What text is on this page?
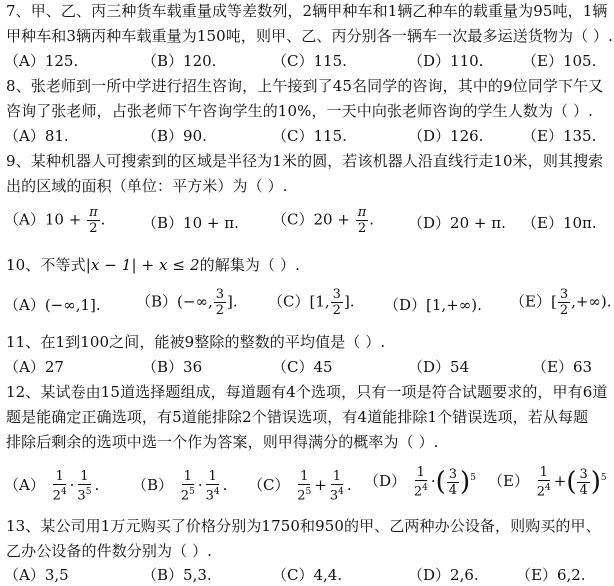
7、甲、乙、丙三种货车载重量成等差数列，2辆甲种车和1辆乙种车的载重量为95吨，1辆
甲种车和3辆丙种车载重量为150吨，则甲、乙、丙分别各一辆车一次最多运送货物为（ ）.
（A）125.	（B）120.	（C）115.	（D）110.	（E）105.
8、张老师到一所中学进行招生咨询，上午接到了45名同学的咨询，其中的9位同学下午又
咨询了张老师，占张老师下午咨询学生的10%，一天中向张老师咨询的学生人数为（ ）.
（A）81.	（B）90.	（C）115.	（D）126.	（E）135.
9、某种机器人可搜索到的区域是半径为1米的圆，若该机器人沿直线行走10米，则其搜索
出的区域的面积（单位：平方米）为（ ）.
$(A)10 + \frac{\pi}{2}$ . （B）10 + π. $(C)20 + \frac{\pi}{2}$ . （D）20 + π. （E）10π.
10、不等式|x − 1| + x ≤ 2的解集为（ ）.
（A）(−∞,1]. （B）(−∞, $\frac{3}{2}$ ]. （C）[1, $\frac{3}{2}$ ]. （D）[1,+∞). $(E)[ \frac{3}{2}$ ,+∞).
11、在1到100之间，能被9整除的整数的平均值是（ ）.
（A）27	（B）36	（C）45	（D）54	（E）63
12、某试卷由15道选择题组成，每道题有4个选项，只有一项是符合试题要求的，甲有6道
题是能确定正确选项，有5道能排除2个错误选项，有4道能排除1个错误选项，若从每题
排除后剩余的选项中选一个作为答案，则甲得满分的概率为（ ）.
$(A) \frac{1}{2^4} \cdot \frac{1}{3^5}$ . $(B) \frac{1}{2^5} \cdot \frac{1}{3^4}$ . $(C) \frac{1}{2^5} + \frac{1}{3^4}$ . $(D) \frac{1}{2^4}$ ·( $\frac{3}{4} )^5$ $(E) \frac{1}{2^4}$ +( $\frac{3}{4} )^5$
13、某公司用1万元购买了价格分别为1750和950的甲、乙两种办公设备，则购买的甲、
乙办公设备的件数分别为（ ）.
（A）3,5	（B）5,3.	（C）4,4.	（D）2,6. （E）6,2.
